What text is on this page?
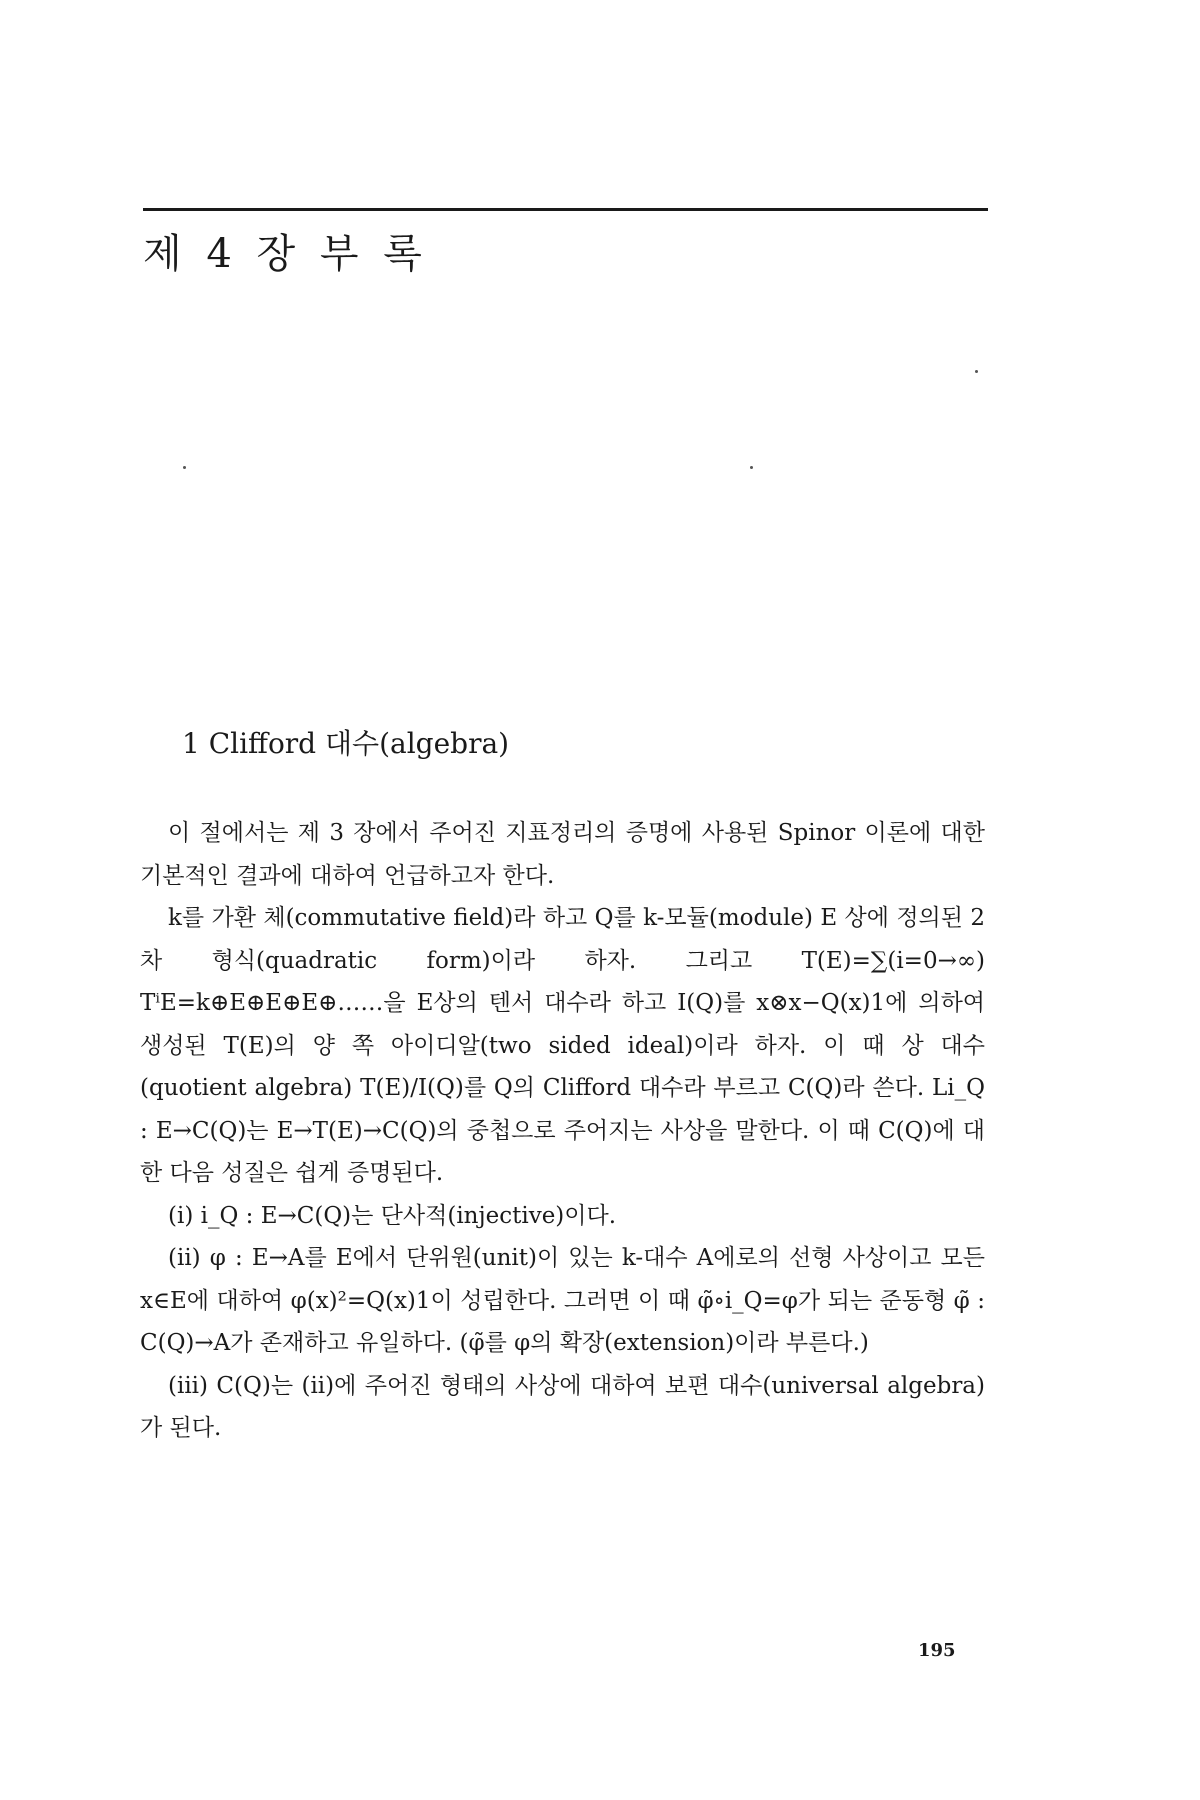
제 4 장 부 록
1 Clifford 대수(algebra)

이 절에서는 제 3 장에서 주어진 지표정리의 증명에 사용된 Spinor 이론에 대한 기본적인 결과에 대하여 언급하고자 한다.

k를 가환 체(commutative field)라 하고 Q를 k-모듈(module) E 상에 정의된 2차 형식(quadratic form)이라 하자. 그리고 T(E)=∑(i=0→∞) TⁱE=k⊕E⊕E⊕E⊕……을 E상의 텐서 대수라 하고 I(Q)를 x⊗x−Q(x)1에 의하여 생성된 T(E)의 양 쪽 아이디알(two sided ideal)이라 하자. 이 때 상 대수(quotient algebra) T(E)/I(Q)를 Q의 Clifford 대수라 부르고 C(Q)라 쓴다. Li_Q : E→C(Q)는 E→T(E)→C(Q)의 중첩으로 주어지는 사상을 말한다. 이 때 C(Q)에 대한 다음 성질은 쉽게 증명된다.

(i) i_Q : E→C(Q)는 단사적(injective)이다.

(ii) φ : E→A를 E에서 단위원(unit)이 있는 k-대수 A에로의 선형 사상이고 모든 x∈E에 대하여 φ(x)²=Q(x)1이 성립한다. 그러면 이 때 φ̃∘i_Q=φ가 되는 준동형 φ̃ : C(Q)→A가 존재하고 유일하다. (φ̃를 φ의 확장(extension)이라 부른다.)

(iii) C(Q)는 (ii)에 주어진 형태의 사상에 대하여 보편 대수(universal algebra)가 된다.

195
